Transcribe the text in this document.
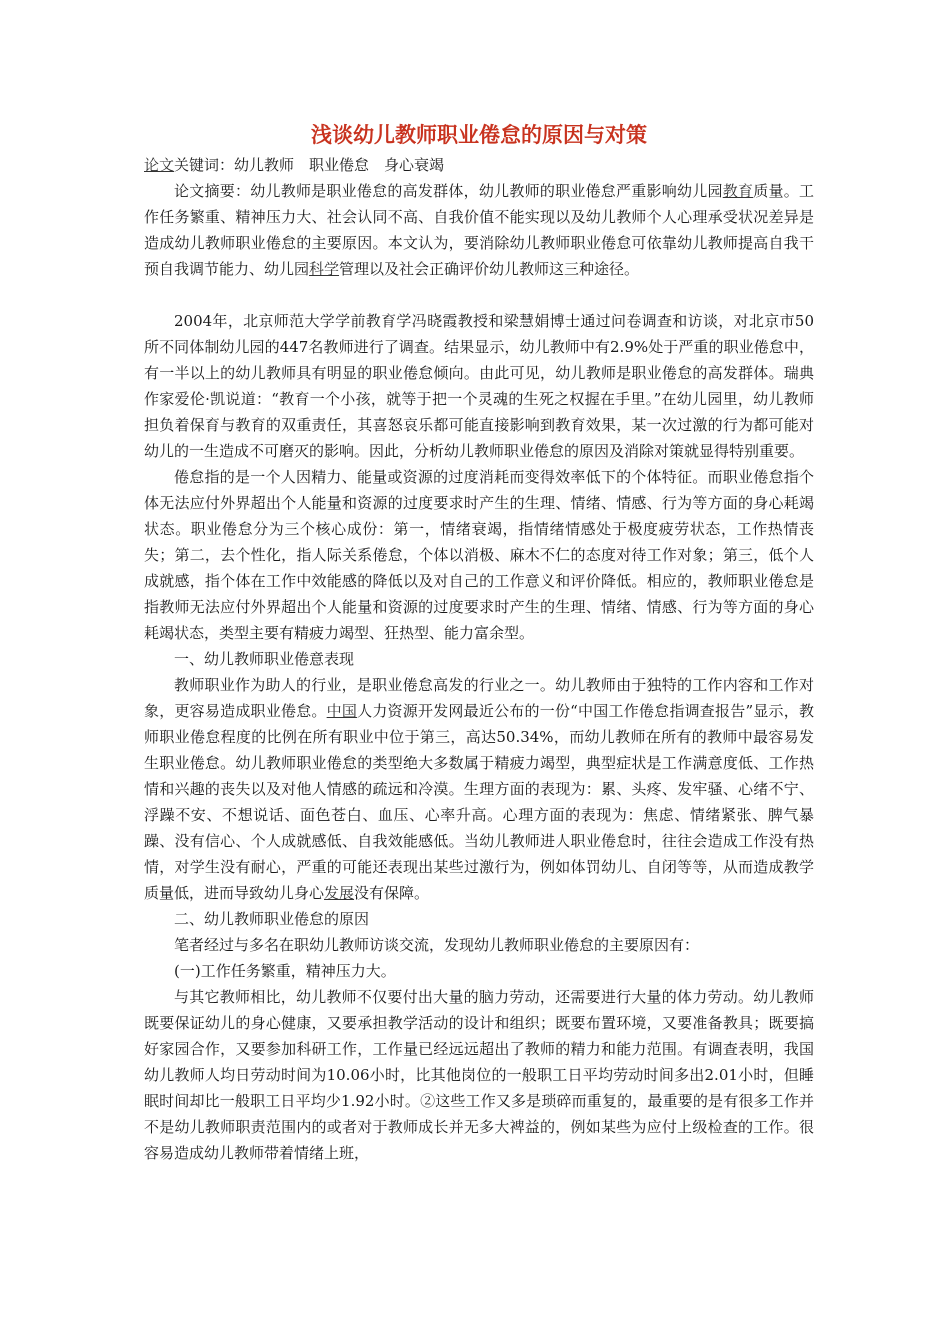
浅谈幼儿教师职业倦怠的原因与对策

论文关键词：幼儿教师　职业倦怠　身心衰竭

论文摘要：幼儿教师是职业倦怠的高发群体，幼儿教师的职业倦怠严重影响幼儿园教育质量。工作任务繁重、精神压力大、社会认同不高、自我价值不能实现以及幼儿教师个人心理承受状况差异是造成幼儿教师职业倦怠的主要原因。本文认为，要消除幼儿教师职业倦怠可依靠幼儿教师提高自我干预自我调节能力、幼儿园科学管理以及社会正确评价幼儿教师这三种途径。

2004年，北京师范大学学前教育学冯晓霞教授和梁慧娟博士通过问卷调查和访谈，对北京市50所不同体制幼儿园的447名教师进行了调查。结果显示，幼儿教师中有2.9%处于严重的职业倦怠中，有一半以上的幼儿教师具有明显的职业倦怠倾向。由此可见，幼儿教师是职业倦怠的高发群体。瑞典作家爱伦·凯说道：“教育一个小孩，就等于把一个灵魂的生死之权握在手里。”在幼儿园里，幼儿教师担负着保育与教育的双重责任，其喜怒哀乐都可能直接影响到教育效果，某一次过激的行为都可能对幼儿的一生造成不可磨灭的影响。因此，分析幼儿教师职业倦怠的原因及消除对策就显得特别重要。

倦怠指的是一个人因精力、能量或资源的过度消耗而变得效率低下的个体特征。而职业倦怠指个体无法应付外界超出个人能量和资源的过度要求时产生的生理、情绪、情感、行为等方面的身心耗竭状态。职业倦怠分为三个核心成份：第一，情绪衰竭，指情绪情感处于极度疲劳状态，工作热情丧失；第二，去个性化，指人际关系倦怠，个体以消极、麻木不仁的态度对待工作对象；第三，低个人成就感，指个体在工作中效能感的降低以及对自己的工作意义和评价降低。相应的，教师职业倦怠是指教师无法应付外界超出个人能量和资源的过度要求时产生的生理、情绪、情感、行为等方面的身心耗竭状态，类型主要有精疲力竭型、狂热型、能力富余型。

一、幼儿教师职业倦意表现

教师职业作为助人的行业，是职业倦怠高发的行业之一。幼儿教师由于独特的工作内容和工作对象，更容易造成职业倦怠。中国人力资源开发网最近公布的一份“中国工作倦怠指调查报告”显示，教师职业倦怠程度的比例在所有职业中位于第三，高达50.34%，而幼儿教师在所有的教师中最容易发生职业倦怠。幼儿教师职业倦怠的类型绝大多数属于精疲力竭型，典型症状是工作满意度低、工作热情和兴趣的丧失以及对他人情感的疏远和冷漠。生理方面的表现为：累、头疼、发牢骚、心绪不宁、浮躁不安、不想说话、面色苍白、血压、心率升高。心理方面的表现为：焦虑、情绪紧张、脾气暴躁、没有信心、个人成就感低、自我效能感低。当幼儿教师进人职业倦怠时，往往会造成工作没有热情，对学生没有耐心，严重的可能还表现出某些过激行为，例如体罚幼儿、自闭等等，从而造成教学质量低，进而导致幼儿身心发展没有保障。

二、幼儿教师职业倦怠的原因

笔者经过与多名在职幼儿教师访谈交流，发现幼儿教师职业倦怠的主要原因有：

(一)工作任务繁重，精神压力大。

与其它教师相比，幼儿教师不仅要付出大量的脑力劳动，还需要进行大量的体力劳动。幼儿教师既要保证幼儿的身心健康，又要承担教学活动的设计和组织；既要布置环境，又要准备教具；既要搞好家园合作，又要参加科研工作，工作量已经远远超出了教师的精力和能力范围。有调查表明，我国幼儿教师人均日劳动时间为10.06小时，比其他岗位的一般职工日平均劳动时间多出2.01小时，但睡眠时间却比一般职工日平均少1.92小时。②这些工作又多是琐碎而重复的，最重要的是有很多工作并不是幼儿教师职责范围内的或者对于教师成长并无多大裨益的，例如某些为应付上级检查的工作。很容易造成幼儿教师带着情绪上班，
